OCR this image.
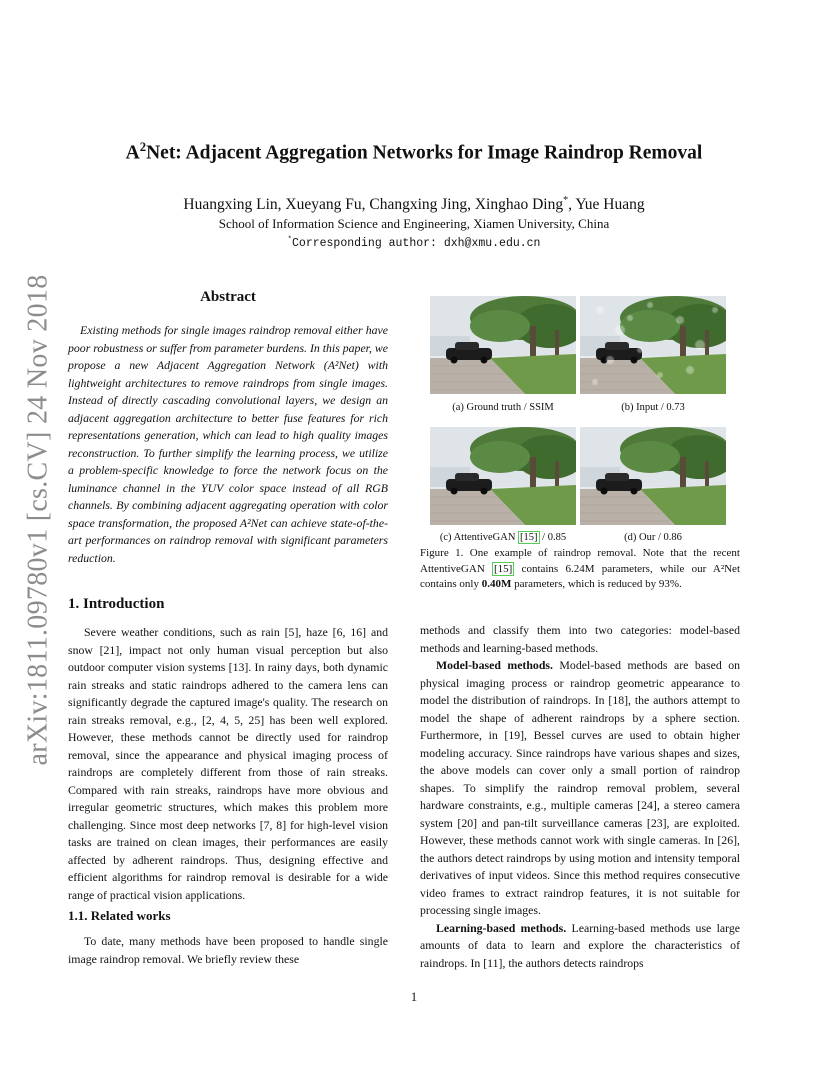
arXiv:1811.09780v1 [cs.CV] 24 Nov 2018
$A^2Net$: Adjacent Aggregation Networks for Image Raindrop Removal
Huangxing Lin, Xueyang Fu, Changxing Jing, Xinghao Ding*, Yue Huang
School of Information Science and Engineering, Xiamen University, China
*Corresponding author: dxh@xmu.edu.cn
Abstract
Existing methods for single images raindrop removal either have poor robustness or suffer from parameter burdens. In this paper, we propose a new Adjacent Aggregation Network (A²Net) with lightweight architectures to remove raindrops from single images. Instead of directly cascading convolutional layers, we design an adjacent aggregation architecture to better fuse features for rich representations generation, which can lead to high quality images reconstruction. To further simplify the learning process, we utilize a problem-specific knowledge to force the network focus on the luminance channel in the YUV color space instead of all RGB channels. By combining adjacent aggregating operation with color space transformation, the proposed A²Net can achieve state-of-the-art performances on raindrop removal with significant parameters reduction.
1. Introduction
Severe weather conditions, such as rain [5], haze [6, 16] and snow [21], impact not only human visual perception but also outdoor computer vision systems [13]. In rainy days, both dynamic rain streaks and static raindrops adhered to the camera lens can significantly degrade the captured image's quality. The research on rain streaks removal, e.g., [2, 4, 5, 25] has been well explored. However, these methods cannot be directly used for raindrop removal, since the appearance and physical imaging process of raindrops are completely different from those of rain streaks. Compared with rain streaks, raindrops have more obvious and irregular geometric structures, which makes this problem more challenging. Since most deep networks [7, 8] for high-level vision tasks are trained on clean images, their performances are easily affected by adherent raindrops. Thus, designing effective and efficient algorithms for raindrop removal is desirable for a wide range of practical vision applications.
1.1. Related works
To date, many methods have been proposed to handle single image raindrop removal. We briefly review these
(a) Ground truth / SSIM	(b) Input / 0.73
(c) AttentiveGAN [15] / 0.85	(d) Our / 0.86
Figure 1. One example of raindrop removal. Note that the recent AttentiveGAN [15] contains 6.24M parameters, while our A²Net contains only 0.40M parameters, which is reduced by 93%.

methods and classify them into two categories: model-based methods and learning-based methods.

Model-based methods. Model-based methods are based on physical imaging process or raindrop geometric appearance to model the distribution of raindrops. In [18], the authors attempt to model the shape of adherent raindrops by a sphere section. Furthermore, in [19], Bessel curves are used to obtain higher modeling accuracy. Since raindrops have various shapes and sizes, the above models can cover only a small portion of raindrop shapes. To simplify the raindrop removal problem, several hardware constraints, e.g., multiple cameras [24], a stereo camera system [20] and pan-tilt surveillance cameras [23], are exploited. However, these methods cannot work with single cameras. In [26], the authors detect raindrops by using motion and intensity temporal derivatives of input videos. Since this method requires consecutive video frames to extract raindrop features, it is not suitable for processing single images.

Learning-based methods. Learning-based methods use large amounts of data to learn and explore the characteristics of raindrops. In [11], the authors detects raindrops

1
